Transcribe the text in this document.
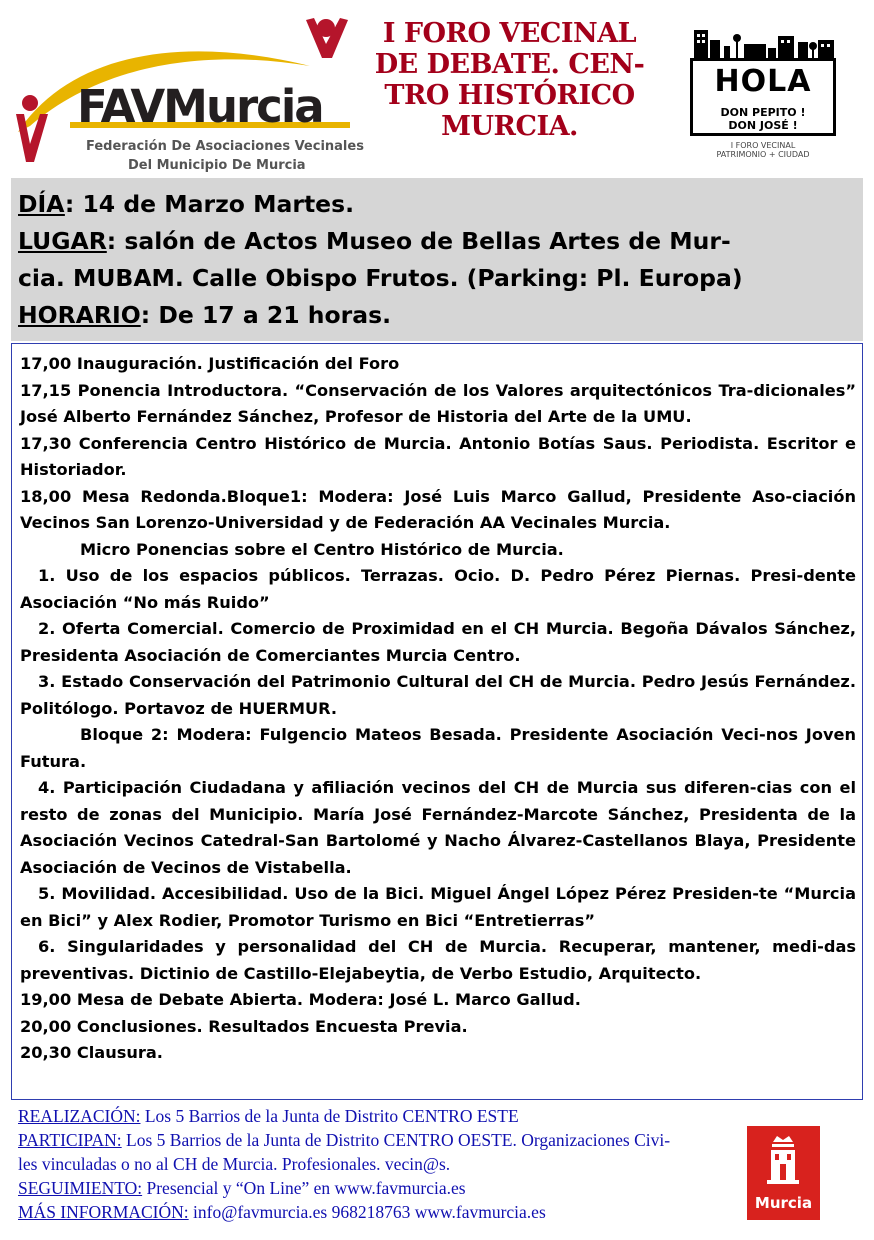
FAVMurcia
Federación De Asociaciones Vecinales
Del Municipio De Murcia
I FORO VECINAL
DE DEBATE. CEN-
TRO HISTÓRICO
MURCIA.
HOLA
DON PEPITO !
DON JOSÉ !
I FORO VECINAL
PATRIMONIO + CIUDAD
DÍA: 14 de Marzo Martes.
LUGAR: salón de Actos Museo de Bellas Artes de Mur-
cia. MUBAM. Calle Obispo Frutos. (Parking: Pl. Europa)
HORARIO: De 17 a 21 horas.
17,00 Inauguración. Justificación del Foro
17,15 Ponencia Introductora. “Conservación de los Valores arquitectónicos Tra-dicionales” José Alberto Fernández Sánchez, Profesor de Historia del Arte de la UMU.
17,30 Conferencia Centro Histórico de Murcia. Antonio Botías Saus. Periodista. Escritor e Historiador.
18,00 Mesa Redonda.Bloque1: Modera: José Luis Marco Gallud, Presidente Aso-ciación Vecinos San Lorenzo-Universidad y de Federación AA Vecinales Murcia.
Micro Ponencias sobre el Centro Histórico de Murcia.
1. Uso de los espacios públicos. Terrazas. Ocio. D. Pedro Pérez Piernas. Presi-dente Asociación “No más Ruido”
2. Oferta Comercial. Comercio de Proximidad en el CH Murcia. Begoña Dávalos Sánchez, Presidenta Asociación de Comerciantes Murcia Centro.
3. Estado Conservación del Patrimonio Cultural del CH de Murcia. Pedro Jesús Fernández. Politólogo. Portavoz de HUERMUR.
Bloque 2: Modera: Fulgencio Mateos Besada. Presidente Asociación Veci-nos Joven Futura.
4. Participación Ciudadana y afiliación vecinos del CH de Murcia sus diferen-cias con el resto de zonas del Municipio. María José Fernández-Marcote Sánchez, Presidenta de la Asociación Vecinos Catedral-San Bartolomé y Nacho Álvarez-Castellanos Blaya, Presidente Asociación de Vecinos de Vistabella.
5. Movilidad. Accesibilidad. Uso de la Bici. Miguel Ángel López Pérez Presiden-te “Murcia en Bici” y Alex Rodier, Promotor Turismo en Bici “Entretierras”
6. Singularidades y personalidad del CH de Murcia. Recuperar, mantener, medi-das preventivas. Dictinio de Castillo-Elejabeytia, de Verbo Estudio, Arquitecto.
19,00 Mesa de Debate Abierta. Modera: José L. Marco Gallud.
20,00 Conclusiones. Resultados Encuesta Previa.
20,30 Clausura.
REALIZACIÓN: Los 5 Barrios de la Junta de Distrito CENTRO ESTE
PARTICIPAN: Los 5 Barrios de la Junta de Distrito CENTRO OESTE. Organizaciones Civi-
les vinculadas o no al CH de Murcia. Profesionales. vecin@s.
SEGUIMIENTO: Presencial y “On Line” en www.favmurcia.es
MÁS INFORMACIÓN: info@favmurcia.es 968218763 www.favmurcia.es	Murcia
